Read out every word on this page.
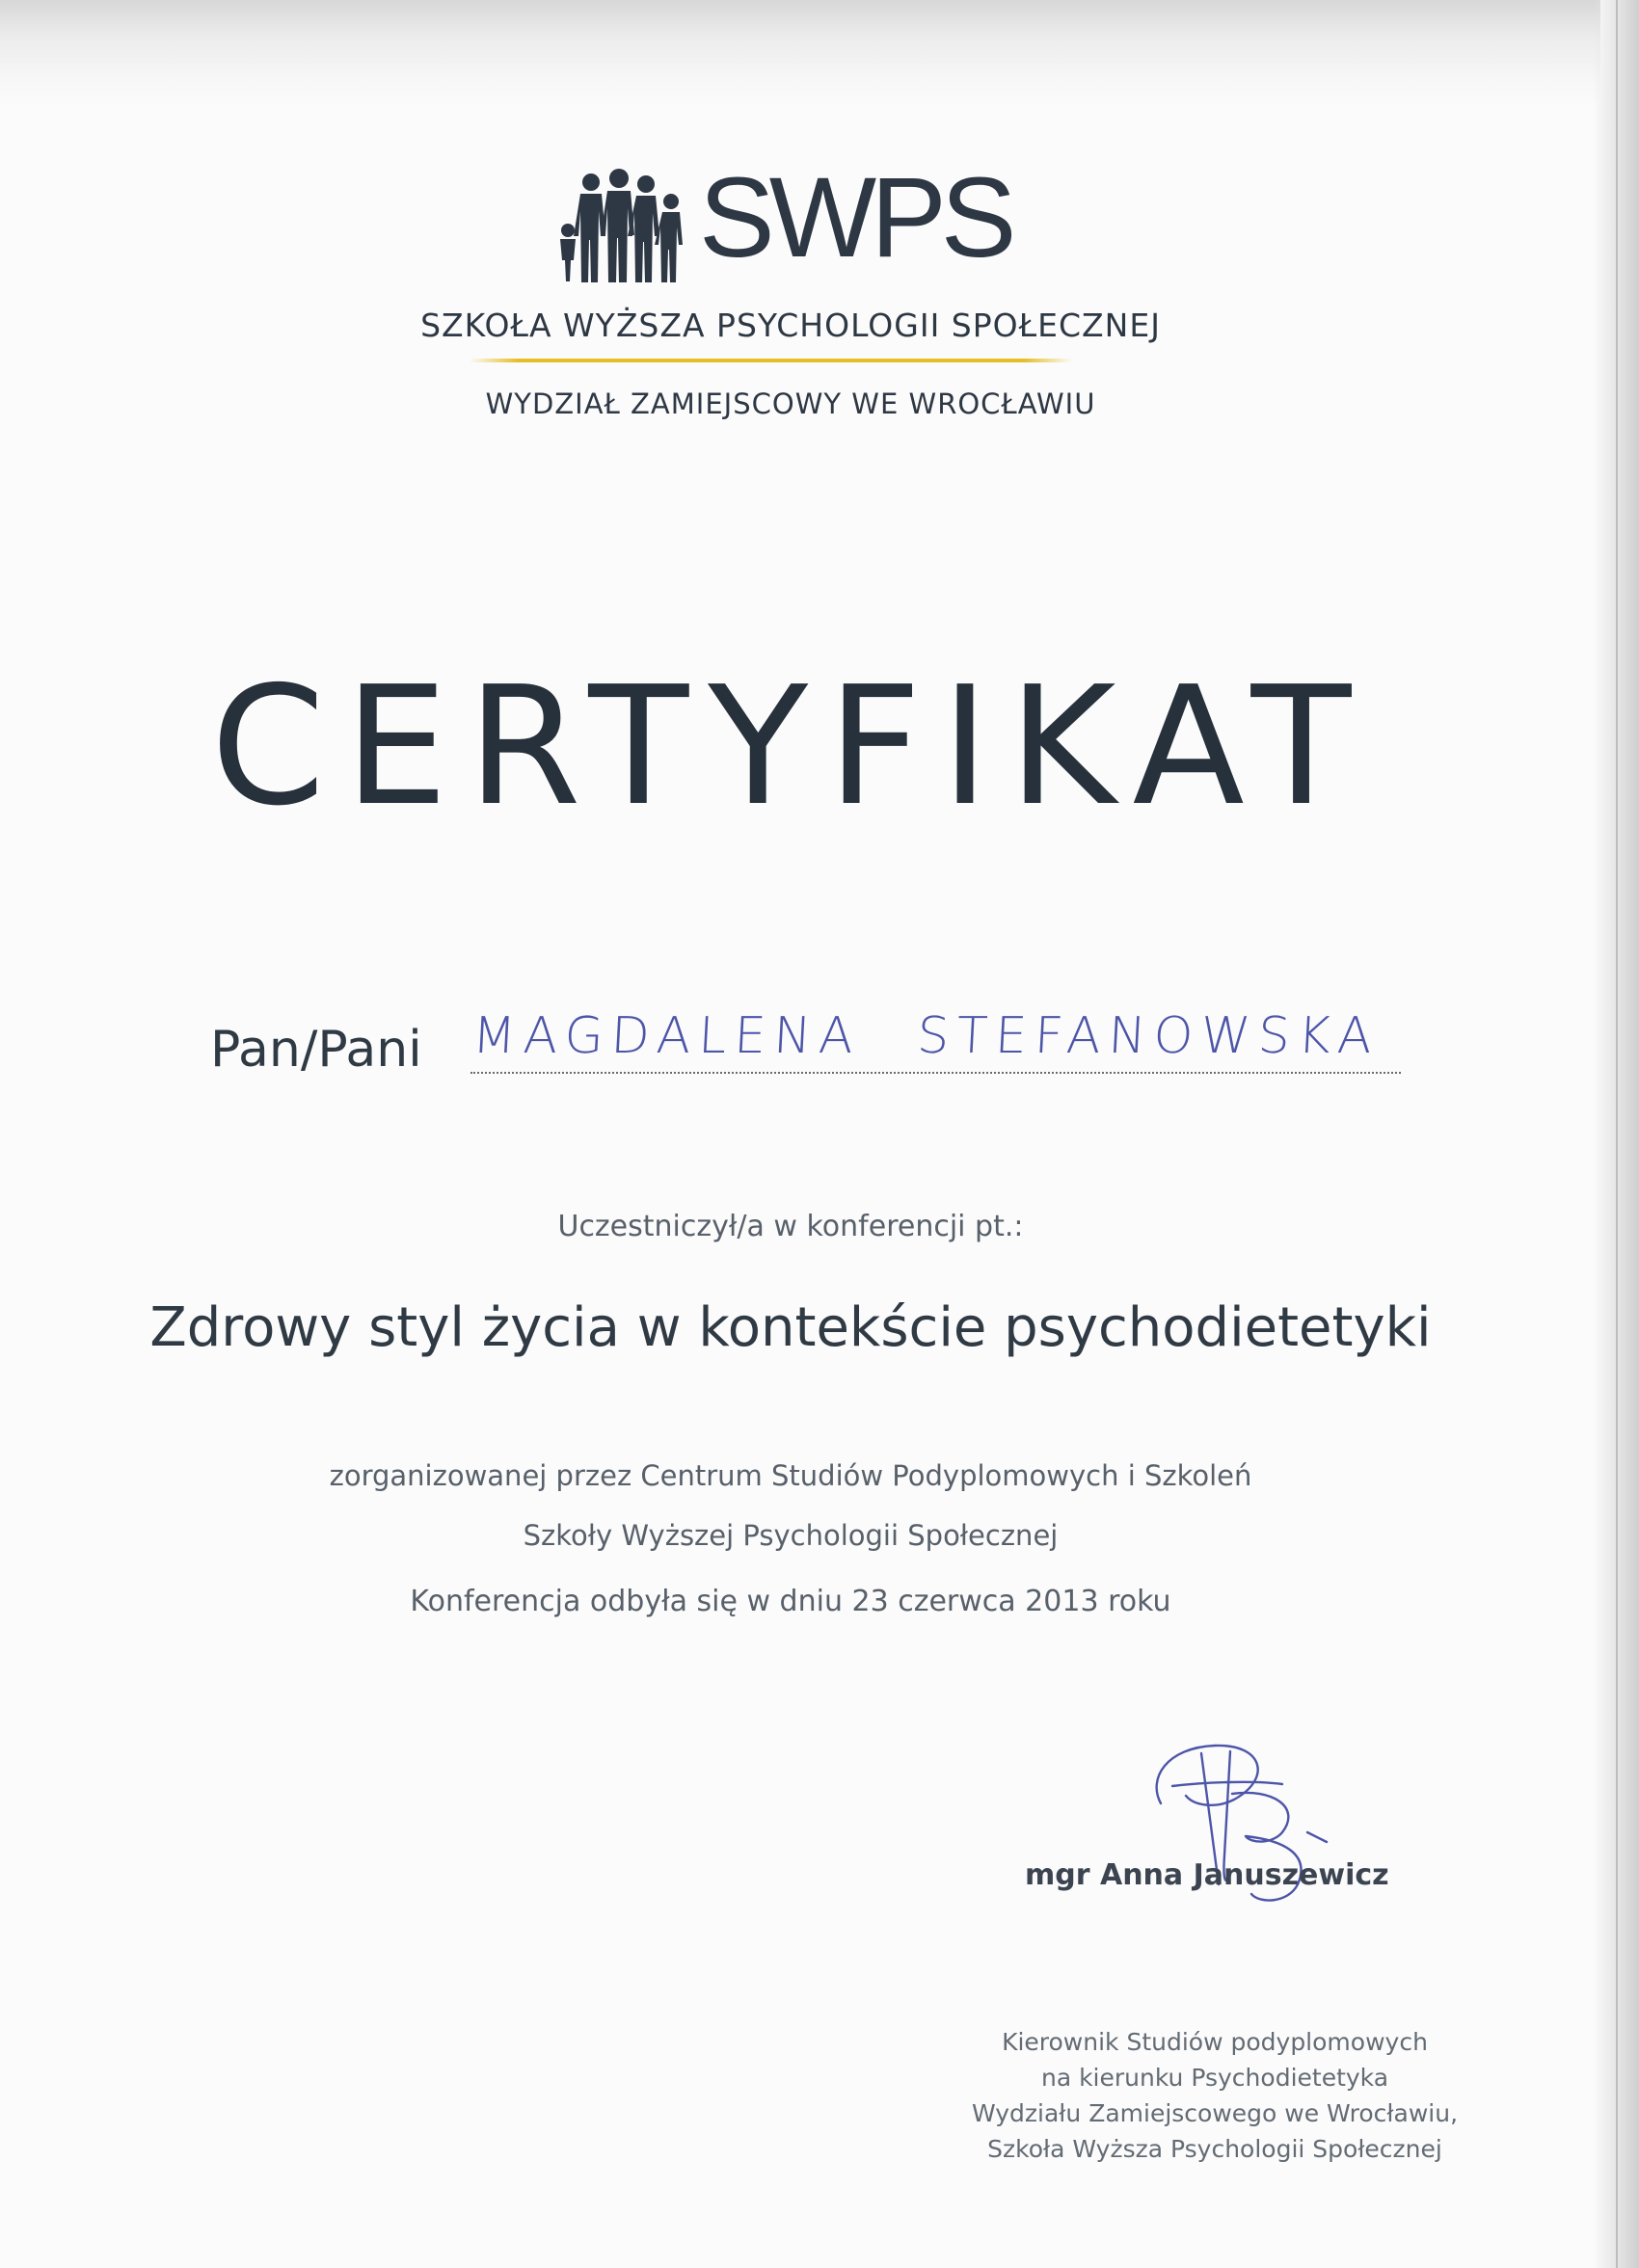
SWPS
SZKOŁA WYŻSZA PSYCHOLOGII SPOŁECZNEJ
WYDZIAŁ ZAMIEJSCOWY WE WROCŁAWIU
CERTYFIKAT
Pan/Pani MAGDALENA STEFANOWSKA
Uczestniczył/a w konferencji pt.:
Zdrowy styl życia w kontekście psychodietetyki
zorganizowanej przez Centrum Studiów Podyplomowych i Szkoleń
Szkoły Wyższej Psychologii Społecznej
Konferencja odbyła się w dniu 23 czerwca 2013 roku
mgr Anna Januszewicz
Kierownik Studiów podyplomowych
na kierunku Psychodietetyka
Wydziału Zamiejscowego we Wrocławiu,
Szkoła Wyższa Psychologii Społecznej
